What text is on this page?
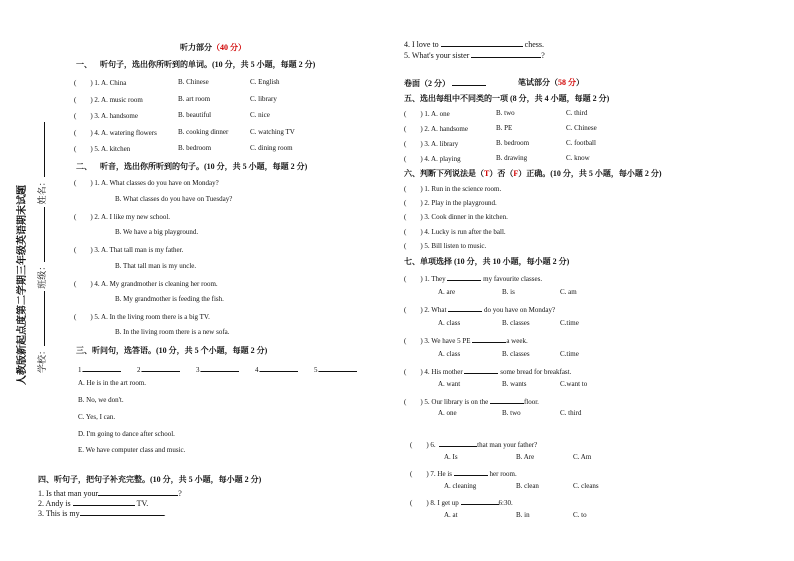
人教版新起点度第二学期三年级英语期末试题	学校： 班级： 姓名：
听力部分（40 分）
一、 听句子，选出你所听到的单词。(10 分，共 5 小题，每题 2 分)
(　　) 1. A. China	B. Chinese	C. English
(　　) 2. A. music room	B. art room	C. library
(　　) 3. A. handsome	B. beautiful	C. nice
(　　) 4. A. watering flowers	B. cooking dinner	C. watching TV
(　　) 5. A. kitchen	B. bedroom	C. dining room
二、 听音，选出你所听到的句子。(10 分，共 5 小题，每题 2 分)
(　　) 1. A. What classes do you have on Monday?
B. What classes do you have on Tuesday?
(　　) 2. A. I like my new school.
B. We have a big playground.
(　　) 3. A. That tall man is my father.
B. That tall man is my uncle.
(　　) 4. A. My grandmother is cleaning her room.
B. My grandmother is feeding the fish.
(　　) 5. A. In the living room there is a big TV.
B. In the living room there is a new sofa.
三、听问句，选答语。(10 分，共 5 个小题，每题 2 分)
1.	2.	3.	4.	5.
A. He is in the art room.
B. No, we don't.
C. Yes, I can.
D. I'm going to dance after school.
E. We have computer class and music.
四、听句子，把句子补充完整。(10 分，共 5 小题，每小题 2 分)
1. Is that man your	?
2. Andy is	TV.
3. This is my	.
4. I love to	chess.
5. What's your sister	?
卷面（2 分）	笔试部分（58 分）
五、选出每组中不同类的一项 (8 分，共 4 小题，每题 2 分)
(　　) 1. A. one	B. two	C. third
(　　) 2. A. handsome	B. PE	C. Chinese
(　　) 3. A. library	B. bedroom	C. football
(　　) 4. A. playing	B. drawing	C. know
六、判断下列说法是（T）否（F）正确。(10 分，共 5 小题，每小题 2 分)
(　　) 1. Run in the science room.
(　　) 2. Play in the playground.
(　　) 3. Cook dinner in the kitchen.
(　　) 4. Lucky is run after the ball.
(　　) 5. Bill listen to music.
七、单项选择 (10 分，共 10 小题，每小题 2 分)
(　　) 1. They	my favourite classes.
A. are	B. is	C. am
(　　) 2. What	do you have on Monday?
A. class	B. classes	C.time
(　　) 3. We have 5 PE	a week.
A. class	B. classes	C.time
(　　) 4. His mother	some bread for breakfast.
A. want	B. wants	C.want to
(　　) 5. Our library is on the	floor.
A. one	B. two	C. third
(　　) 6.	that man your father?
A. Is	B. Are	C. Am
(　　) 7. He is	her room.
A. cleaning	B. clean	C. cleans
(　　) 8. I get up	6:30.
A. at	B. in	C. to
